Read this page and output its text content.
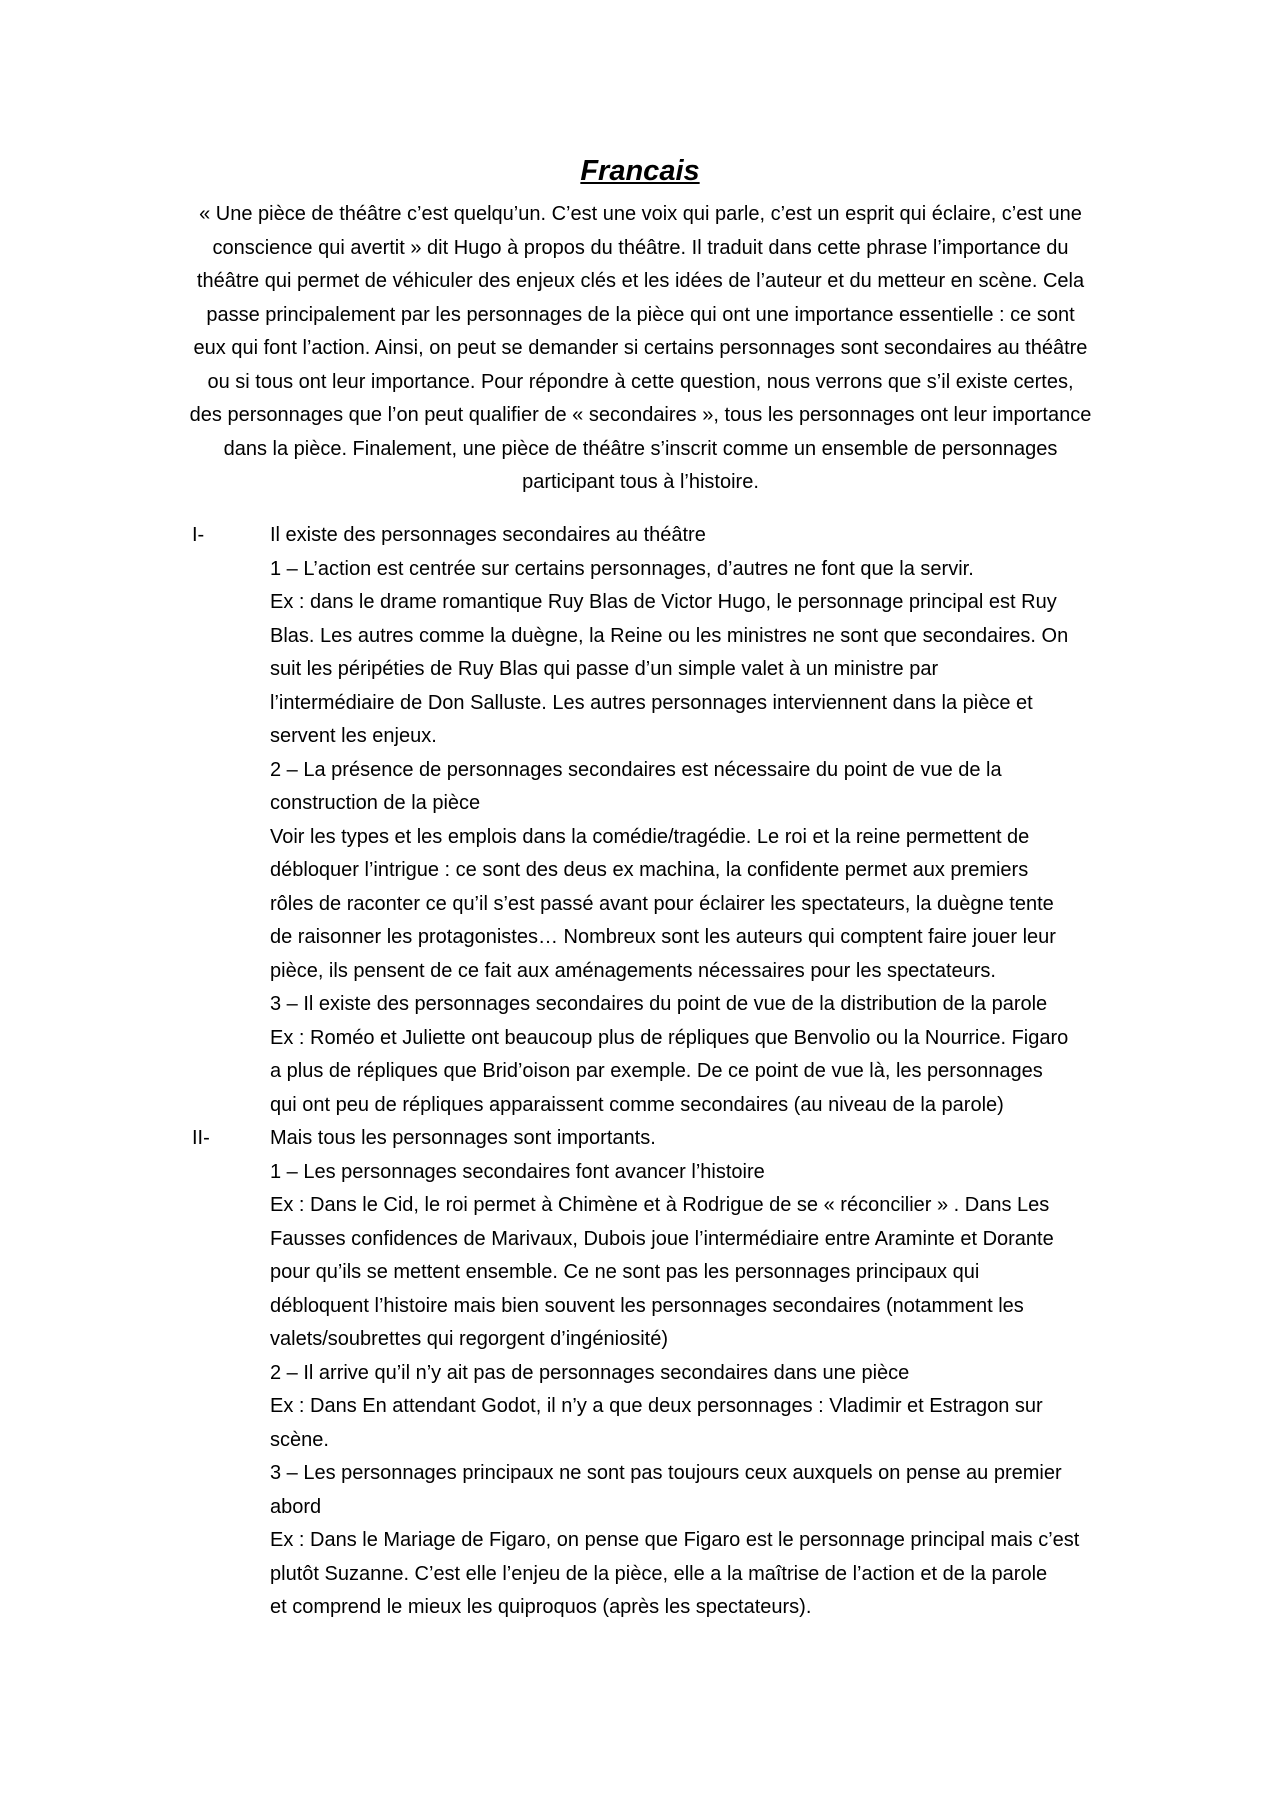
Francais
« Une pièce de théâtre c’est quelqu’un. C’est une voix qui parle, c’est un esprit qui éclaire, c’est une
conscience qui avertit » dit Hugo à propos du théâtre. Il traduit dans cette phrase l’importance du
théâtre qui permet de véhiculer des enjeux clés et les idées de l’auteur et du metteur en scène. Cela
passe principalement par les personnages de la pièce qui ont une importance essentielle : ce sont
eux qui font l’action. Ainsi, on peut se demander si certains personnages sont secondaires au théâtre
ou si tous ont leur importance. Pour répondre à cette question, nous verrons que s’il existe certes,
des personnages que l’on peut qualifier de « secondaires », tous les personnages ont leur importance
dans la pièce. Finalement, une pièce de théâtre s’inscrit comme un ensemble de personnages
participant tous à l’histoire.
I-	Il existe des personnages secondaires au théâtre
1 – L’action est centrée sur certains personnages, d’autres ne font que la servir.
Ex : dans le drame romantique Ruy Blas de Victor Hugo, le personnage principal est Ruy
Blas. Les autres comme la duègne, la Reine ou les ministres ne sont que secondaires. On
suit les péripéties de Ruy Blas qui passe d’un simple valet à un ministre par
l’intermédiaire de Don Salluste. Les autres personnages interviennent dans la pièce et
servent les enjeux.
2 – La présence de personnages secondaires est nécessaire du point de vue de la
construction de la pièce
Voir les types et les emplois dans la comédie/tragédie. Le roi et la reine permettent de
débloquer l’intrigue : ce sont des deus ex machina, la confidente permet aux premiers
rôles de raconter ce qu’il s’est passé avant pour éclairer les spectateurs, la duègne tente
de raisonner les protagonistes… Nombreux sont les auteurs qui comptent faire jouer leur
pièce, ils pensent de ce fait aux aménagements nécessaires pour les spectateurs.
3 – Il existe des personnages secondaires du point de vue de la distribution de la parole
Ex : Roméo et Juliette ont beaucoup plus de répliques que Benvolio ou la Nourrice. Figaro
a plus de répliques que Brid’oison par exemple. De ce point de vue là, les personnages
qui ont peu de répliques apparaissent comme secondaires (au niveau de la parole)
II-	Mais tous les personnages sont importants.
1 – Les personnages secondaires font avancer l’histoire
Ex : Dans le Cid, le roi permet à Chimène et à Rodrigue de se « réconcilier » . Dans Les
Fausses confidences de Marivaux, Dubois joue l’intermédiaire entre Araminte et Dorante
pour qu’ils se mettent ensemble. Ce ne sont pas les personnages principaux qui
débloquent l’histoire mais bien souvent les personnages secondaires (notamment les
valets/soubrettes qui regorgent d’ingéniosité)
2 – Il arrive qu’il n’y ait pas de personnages secondaires dans une pièce
Ex : Dans En attendant Godot, il n’y a que deux personnages : Vladimir et Estragon sur
scène.
3 – Les personnages principaux ne sont pas toujours ceux auxquels on pense au premier
abord
Ex : Dans le Mariage de Figaro, on pense que Figaro est le personnage principal mais c’est
plutôt Suzanne. C’est elle l’enjeu de la pièce, elle a la maîtrise de l’action et de la parole
et comprend le mieux les quiproquos (après les spectateurs).
